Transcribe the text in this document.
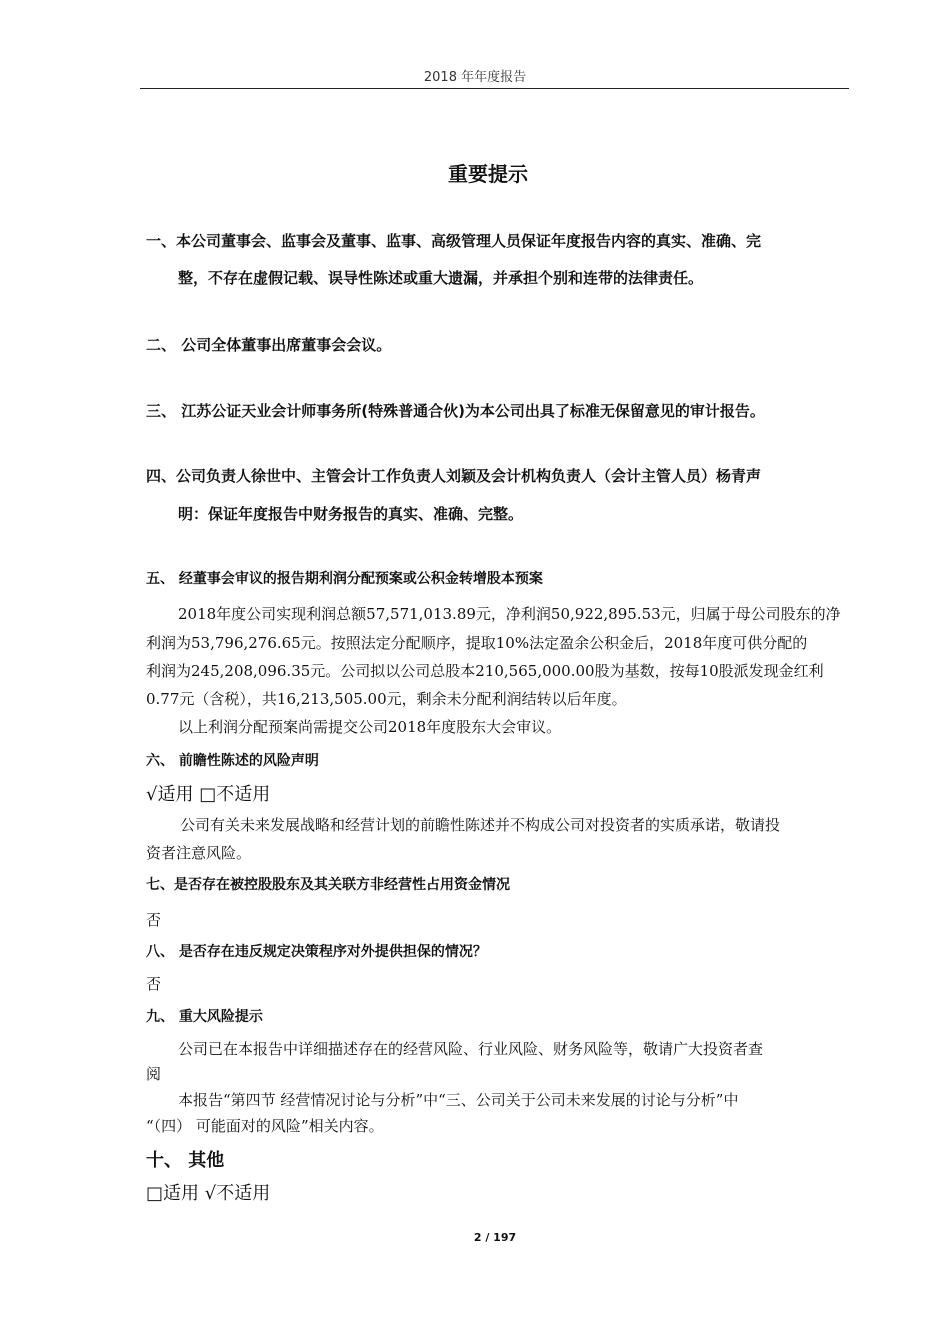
2018 年年度报告
重要提示
一、本公司董事会、监事会及董事、监事、高级管理人员保证年度报告内容的真实、准确、完
整，不存在虚假记载、误导性陈述或重大遗漏，并承担个别和连带的法律责任。
二、 公司全体董事出席董事会会议。
三、 江苏公证天业会计师事务所(特殊普通合伙)为本公司出具了标准无保留意见的审计报告。
四、公司负责人徐世中、主管会计工作负责人刘颖及会计机构负责人（会计主管人员）杨青声
明：保证年度报告中财务报告的真实、准确、完整。
五、 经董事会审议的报告期利润分配预案或公积金转增股本预案
2018年度公司实现利润总额57,571,013.89元，净利润50,922,895.53元，归属于母公司股东的净
利润为53,796,276.65元。按照法定分配顺序，提取10%法定盈余公积金后，2018年度可供分配的
利润为245,208,096.35元。公司拟以公司总股本210,565,000.00股为基数，按每10股派发现金红利
0.77元（含税），共16,213,505.00元，剩余未分配利润结转以后年度。
以上利润分配预案尚需提交公司2018年度股东大会审议。
六、 前瞻性陈述的风险声明
√适用 □不适用
公司有关未来发展战略和经营计划的前瞻性陈述并不构成公司对投资者的实质承诺，敬请投
资者注意风险。
七、是否存在被控股股东及其关联方非经营性占用资金情况
否
八、 是否存在违反规定决策程序对外提供担保的情况？
否
九、 重大风险提示
公司已在本报告中详细描述存在的经营风险、行业风险、财务风险等，敬请广大投资者查
阅
本报告“第四节 经营情况讨论与分析”中“三、公司关于公司未来发展的讨论与分析”中
“（四） 可能面对的风险”相关内容。
十、 其他
□适用 √不适用
2 / 197
